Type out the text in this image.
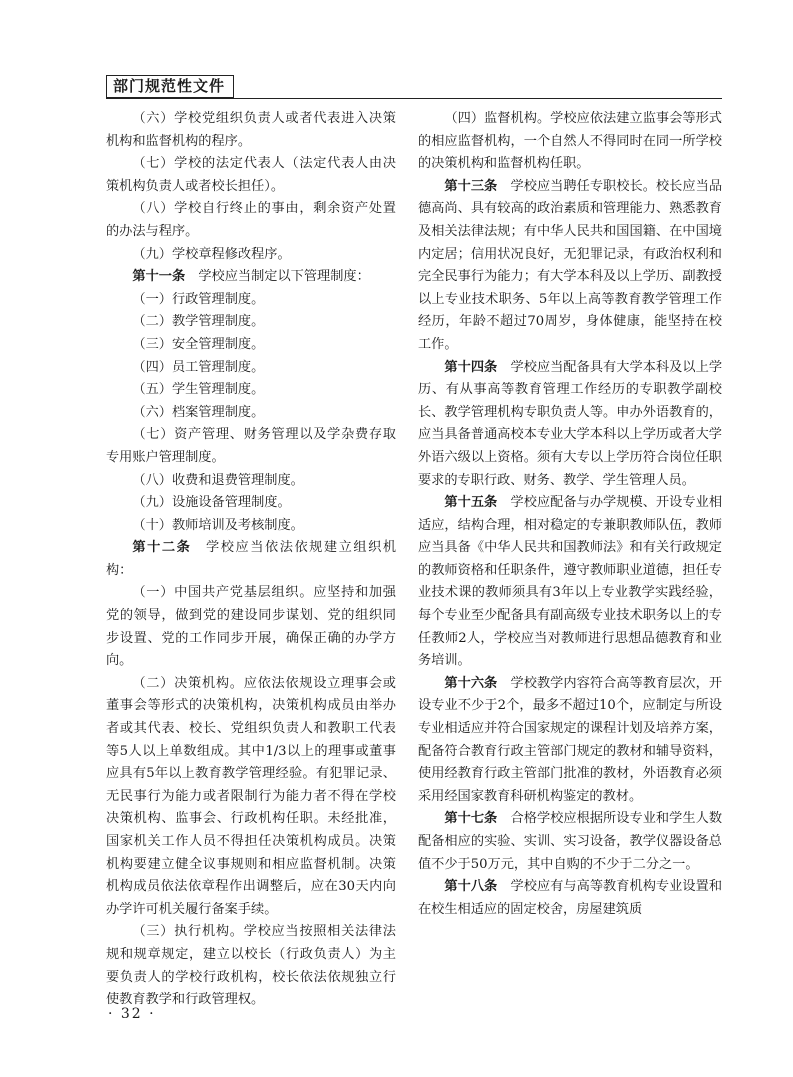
部门规范性文件

（六）学校党组织负责人或者代表进入决策机构和监督机构的程序。

（七）学校的法定代表人（法定代表人由决策机构负责人或者校长担任）。

（八）学校自行终止的事由，剩余资产处置的办法与程序。

（九）学校章程修改程序。

第十一条　学校应当制定以下管理制度：

（一）行政管理制度。

（二）教学管理制度。

（三）安全管理制度。

（四）员工管理制度。

（五）学生管理制度。

（六）档案管理制度。

（七）资产管理、财务管理以及学杂费存取专用账户管理制度。

（八）收费和退费管理制度。

（九）设施设备管理制度。

（十）教师培训及考核制度。

第十二条　学校应当依法依规建立组织机构：

（一）中国共产党基层组织。应坚持和加强党的领导，做到党的建设同步谋划、党的组织同步设置、党的工作同步开展，确保正确的办学方向。

（二）决策机构。应依法依规设立理事会或董事会等形式的决策机构，决策机构成员由举办者或其代表、校长、党组织负责人和教职工代表等5人以上单数组成。其中1/3以上的理事或董事应具有5年以上教育教学管理经验。有犯罪记录、无民事行为能力或者限制行为能力者不得在学校决策机构、监事会、行政机构任职。未经批准，国家机关工作人员不得担任决策机构成员。决策机构要建立健全议事规则和相应监督机制。决策机构成员依法依章程作出调整后，应在30天内向办学许可机关履行备案手续。

（三）执行机构。学校应当按照相关法律法规和规章规定，建立以校长（行政负责人）为主要负责人的学校行政机构，校长依法依规独立行使教育教学和行政管理权。

（四）监督机构。学校应依法建立监事会等形式的相应监督机构，一个自然人不得同时在同一所学校的决策机构和监督机构任职。

第十三条　学校应当聘任专职校长。校长应当品德高尚、具有较高的政治素质和管理能力、熟悉教育及相关法律法规；有中华人民共和国国籍、在中国境内定居；信用状况良好，无犯罪记录，有政治权利和完全民事行为能力；有大学本科及以上学历、副教授以上专业技术职务、5年以上高等教育教学管理工作经历，年龄不超过70周岁，身体健康，能坚持在校工作。

第十四条　学校应当配备具有大学本科及以上学历、有从事高等教育管理工作经历的专职教学副校长、教学管理机构专职负责人等。申办外语教育的，应当具备普通高校本专业大学本科以上学历或者大学外语六级以上资格。须有大专以上学历符合岗位任职要求的专职行政、财务、教学、学生管理人员。

第十五条　学校应配备与办学规模、开设专业相适应，结构合理，相对稳定的专兼职教师队伍，教师应当具备《中华人民共和国教师法》和有关行政规定的教师资格和任职条件，遵守教师职业道德，担任专业技术课的教师须具有3年以上专业教学实践经验，每个专业至少配备具有副高级专业技术职务以上的专任教师2人，学校应当对教师进行思想品德教育和业务培训。

第十六条　学校教学内容符合高等教育层次，开设专业不少于2个，最多不超过10个，应制定与所设专业相适应并符合国家规定的课程计划及培养方案，配备符合教育行政主管部门规定的教材和辅导资料，使用经教育行政主管部门批准的教材，外语教育必须采用经国家教育科研机构鉴定的教材。

第十七条　合格学校应根据所设专业和学生人数配备相应的实验、实训、实习设备，教学仪器设备总值不少于50万元，其中自购的不少于二分之一。

第十八条　学校应有与高等教育机构专业设置和在校生相适应的固定校舍，房屋建筑质

· 32 ·
